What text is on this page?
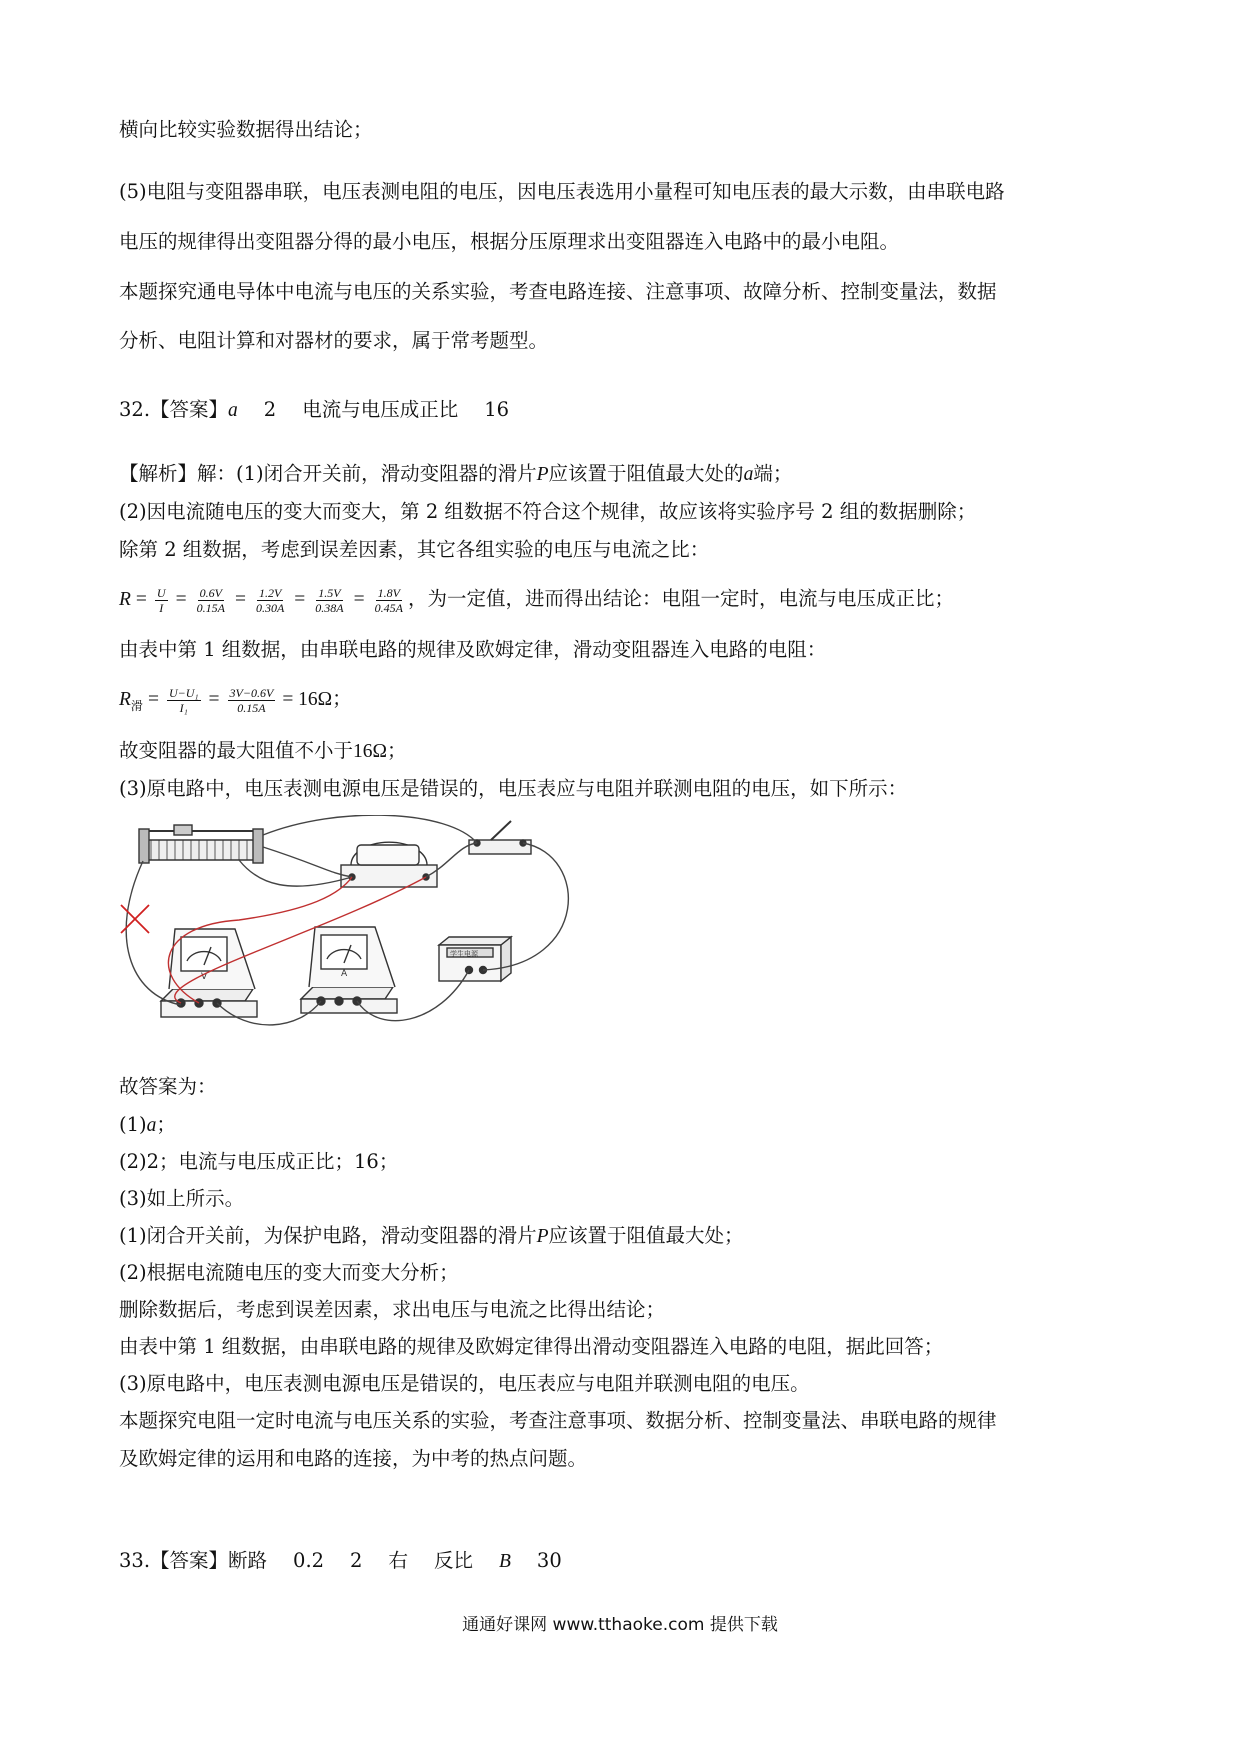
横向比较实验数据得出结论；
(5)电阻与变阻器串联，电压表测电阻的电压，因电压表选用小量程可知电压表的最大示数，由串联电路
电压的规律得出变阻器分得的最小电压，根据分压原理求出变阻器连入电路中的最小电阻。
本题探究通电导体中电流与电压的关系实验，考查电路连接、注意事项、故障分析、控制变量法，数据
分析、电阻计算和对器材的要求，属于常考题型。
32.【答案】a 2 电流与电压成正比 16
【解析】解：(1)闭合开关前，滑动变阻器的滑片P应该置于阻值最大处的a端；
(2)因电流随电压的变大而变大，第 2 组数据不符合这个规律，故应该将实验序号 2 组的数据删除；
除第 2 组数据，考虑到误差因素，其它各组实验的电压与电流之比：
$R = \frac{U}{I} = \frac{0.6V}{0.15A} = \frac{1.2V}{0.30A} = \frac{1.5V}{0.38A} = \frac{1.8V}{0.45A}$ ，为一定值，进而得出结论：电阻一定时，电流与电压成正比；
由表中第 1 组数据，由串联电路的规律及欧姆定律，滑动变阻器连入电路的电阻：
$R_滑 = \frac{\text{U−U₁}}{\text{I₁}} = \frac{3V-0.6V}{0.15A} = 16\Omega$；
故变阻器的最大阻值不小于16Ω；
(3)原电路中，电压表测电源电压是错误的，电压表应与电阻并联测电阻的电压，如下所示：
V	A
学生电源
故答案为：
(1)a；
(2)2；电流与电压成正比；16；
(3)如上所示。
(1)闭合开关前，为保护电路，滑动变阻器的滑片P应该置于阻值最大处；
(2)根据电流随电压的变大而变大分析；
删除数据后，考虑到误差因素，求出电压与电流之比得出结论；
由表中第 1 组数据，由串联电路的规律及欧姆定律得出滑动变阻器连入电路的电阻，据此回答；
(3)原电路中，电压表测电源电压是错误的，电压表应与电阻并联测电阻的电压。
本题探究电阻一定时电流与电压关系的实验，考查注意事项、数据分析、控制变量法、串联电路的规律
及欧姆定律的运用和电路的连接，为中考的热点问题。
33.【答案】断路 0.2 2 右 反比 B 30
通通好课网 www.tthaoke.com 提供下载
